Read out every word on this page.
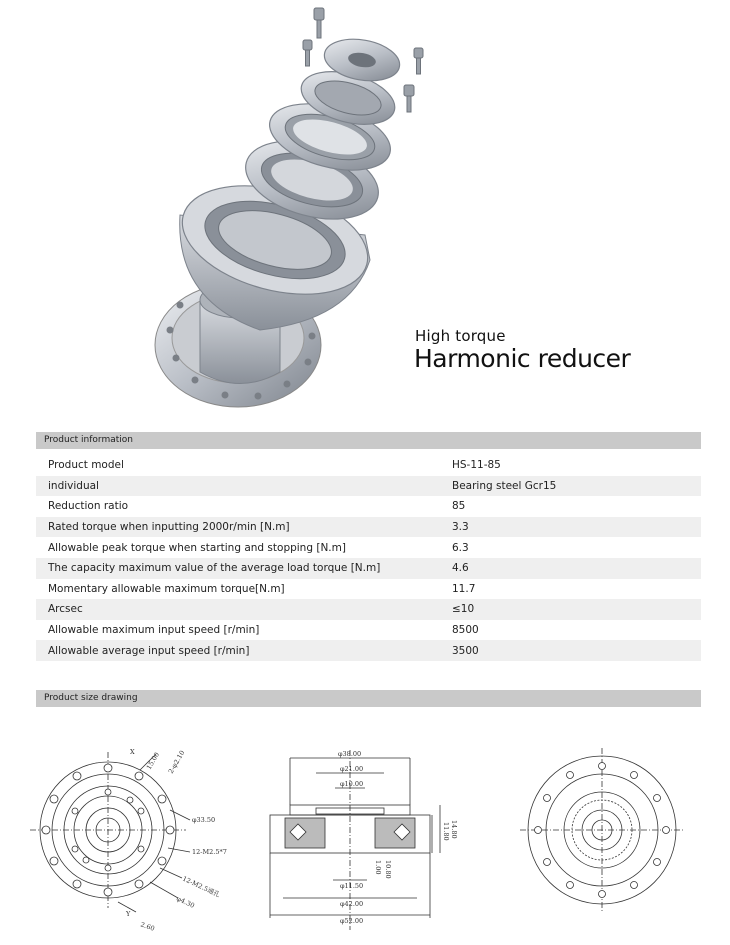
High torque
Harmonic reducer
Product information
Product model	HS-11-85
individual	Bearing steel Gcr15
Reduction ratio	85
Rated torque when inputting 2000r/min [N.m]	3.3
Allowable peak torque when starting and stopping [N.m]	6.3
The capacity maximum value of the average load torque [N.m]	4.6
Momentary allowable maximum torque[N.m]	11.7
Arcsec	≤10
Allowable maximum input speed [r/min]	8500
Allowable average input speed [r/min]	3500
Product size drawing
X 15.00 2-φ2.10
φ33.50
12-M2.5*7
12-M2.5通孔
φ4.30
Y
2.60
φ38.00
φ21.00
φ10.00
14.80
11.80
10.80
1.00
φ11.50
φ42.00
φ52.00
